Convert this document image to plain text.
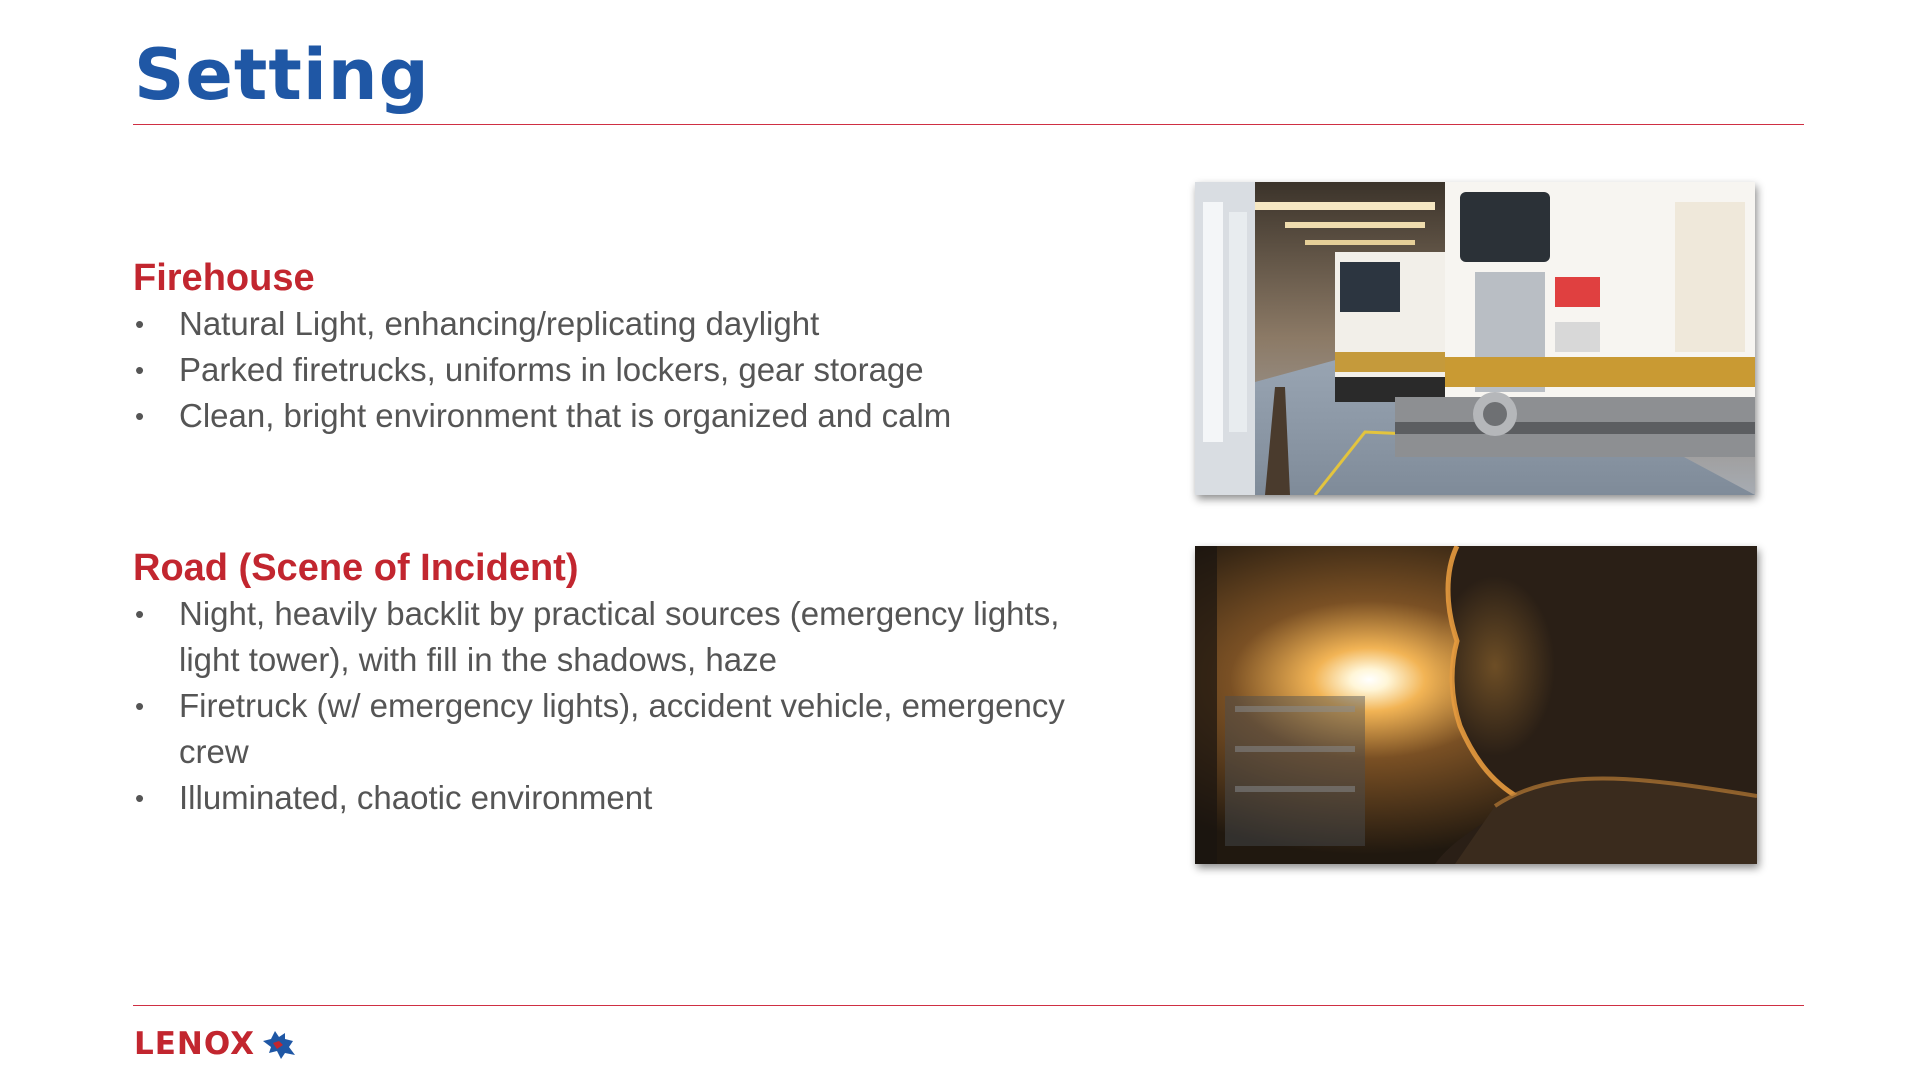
Setting
Firehouse
• Natural Light, enhancing/replicating daylight
• Parked firetrucks, uniforms in lockers, gear storage
• Clean, bright environment that is organized and calm
Road (Scene of Incident)
• Night, heavily backlit by practical sources (emergency lights, light tower), with fill in the shadows, haze
• Firetruck (w/ emergency lights), accident vehicle, emergency crew
• Illuminated, chaotic environment
LENOX
